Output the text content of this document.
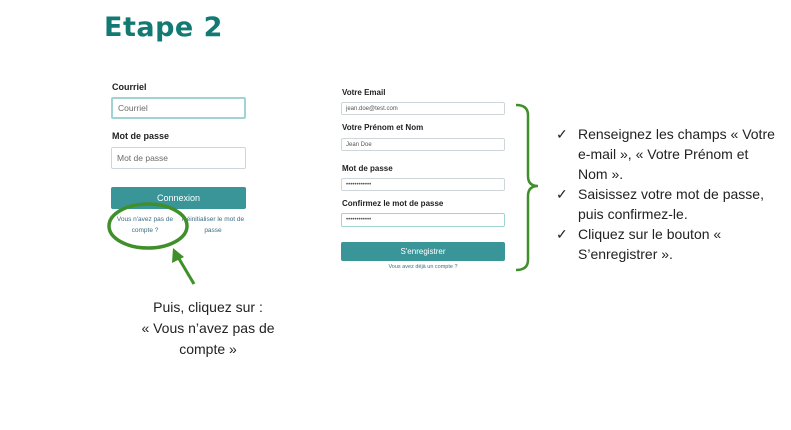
Etape 2
Courriel
Courriel
Mot de passe
Mot de passe
Connexion
Vous n'avez pas de compte ?
Réinitialiser le mot de passe
Votre Email
jean.doe@test.com
Votre Prénom et Nom
Jean Doe
Mot de passe
••••••••••••
Confirmez le mot de passe
••••••••••••
S'enregistrer
Vous avez déjà un compte ?
✓ Renseignez les champs « Votre e-mail », « Votre Prénom et Nom ».
✓ Saisissez votre mot de passe, puis confirmez-le.
✓ Cliquez sur le bouton « S’enregistrer ».
Puis, cliquez sur :
« Vous n’avez pas de
compte »
